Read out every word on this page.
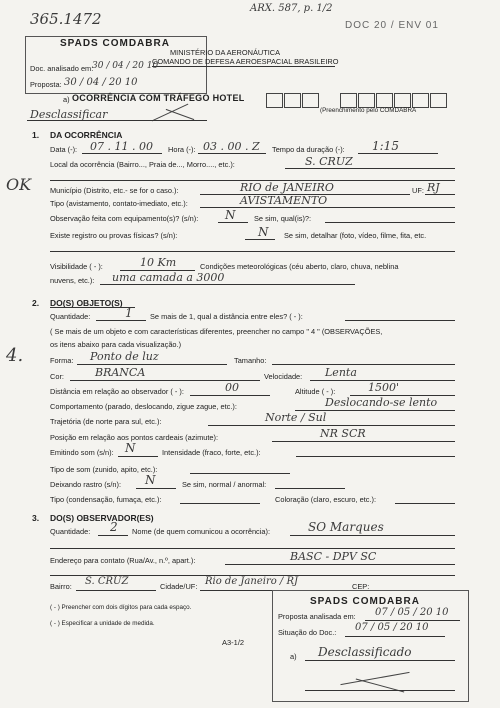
365.1472
ARX. 587, p. 1/2
DOC 20 / ENV 01
SPADS COMDABRA
MINISTÉRIO DA AERONÁUTICA
COMANDO DE DEFESA AEROESPACIAL BRASILEIRO
Doc. analisado em:
30 / 04 / 20 10
Proposta: 30 / 04 / 20 10
a) OCORRÊNCIA COM TRÁFEGO HOTEL
Desclassificar	(Preenchimento pelo COMDABRA
1. DA OCORRÊNCIA
Data (-): 07 . 11 . 00 Hora (-): 03 . 00 . Z Tempo da duração (-): 1:15
Local da ocorrência (Bairro..., Praia de..., Morro...., etc.):	S. CRUZ
OK	Município (Distrito, etc.- se for o caso.):	RIO de JANEIRO	UF: RJ
Tipo (avistamento, contato-imediato, etc.):	AVISTAMENTO
Observação feita com equipamento(s)? (s/n): N	Se sim, qual(is)?:
Existe registro ou provas físicas? (s/n):	N Se sim, detalhar (foto, vídeo, filme, fita, etc.
Visibilidade ( - ):	10 Km	Condições meteorológicas (céu aberto, claro, chuva, neblina
nuvens, etc.): uma camada a 3000
2. DO(S) OBJETO(S)
Quantidade:	1 Se mais de 1, qual a distância entre eles? ( - ):
( Se mais de um objeto e com características diferentes, preencher no campo " 4 " (OBSERVAÇÕES,
os itens abaixo para cada visualização.)
4.	Forma: Ponto de luz	Tamanho:
Cor:	BRANCA	Velocidade: Lenta
Distância em relação ao observador ( - ):	00	Altitude ( - ):	1500'
Comportamento (parado, deslocando, zigue zague, etc.):	Deslocando-se lento
Trajetória (de norte para sul, etc.):	Norte / Sul
Posição em relação aos pontos cardeais (azimute):	NR SCR
Emitindo som (s/n): N	Intensidade (fraco, forte, etc.):
Tipo de som (zunido, apito, etc.):
Deixando rastro (s/n): N	Se sim, normal / anormal:
Tipo (condensação, fumaça, etc.):	Coloração (claro, escuro, etc.):
3. DO(S) OBSERVADOR(ES)
Quantidade: 2 Nome (de quem comunicou a ocorrência):	SO Marques
Endereço para contato (Rua/Av., n.º, apart.):	BASC - DPV SC
Bairro: S. CRUZ	Cidade/UF: Rio de Janeiro / RJ	CEP:
( - ) Preencher com dois dígitos para cada espaço.
( - ) Especificar a unidade de medida.
A3-1/2
SPADS COMDABRA
Proposta analisada em: 07 / 05 / 20 10
Situação do Doc.: 07 / 05 / 20 10
a) Desclassificado
